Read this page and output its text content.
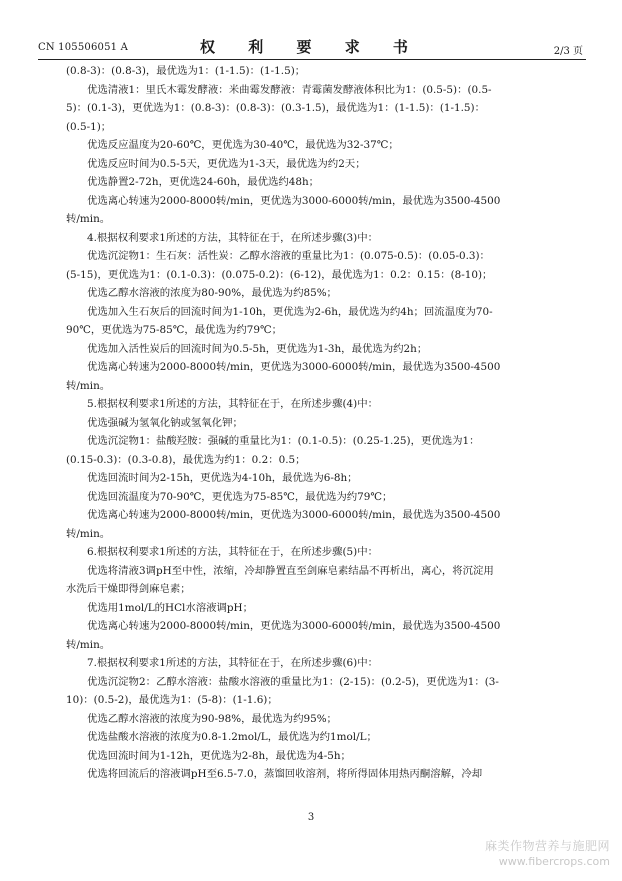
CN 105506051 A	权 利 要 求 书	2/3 页
(0.8-3)：(0.8-3)，最优选为1：(1-1.5)：(1-1.5)；
优选清液1：里氏木霉发酵液：米曲霉发酵液：青霉菌发酵液体积比为1：(0.5-5)：(0.5-
5)：(0.1-3)，更优选为1：(0.8-3)：(0.8-3)：(0.3-1.5)，最优选为1：(1-1.5)：(1-1.5)：
(0.5-1)；
优选反应温度为20-60℃，更优选为30-40℃，最优选为32-37℃；
优选反应时间为0.5-5天，更优选为1-3天，最优选为约2天；
优选静置2-72h，更优选24-60h，最优选约48h；
优选离心转速为2000-8000转/min，更优选为3000-6000转/min，最优选为3500-4500
转/min。
4.根据权利要求1所述的方法，其特征在于，在所述步骤(3)中：
优选沉淀物1：生石灰：活性炭：乙醇水溶液的重量比为1：(0.075-0.5)：(0.05-0.3)：
(5-15)，更优选为1：(0.1-0.3)：(0.075-0.2)：(6-12)，最优选为1：0.2：0.15：(8-10)；
优选乙醇水溶液的浓度为80-90%，最优选为约85%；
优选加入生石灰后的回流时间为1-10h，更优选为2-6h，最优选为约4h；回流温度为70-
90℃，更优选为75-85℃，最优选为约79℃；
优选加入活性炭后的回流时间为0.5-5h，更优选为1-3h，最优选为约2h；
优选离心转速为2000-8000转/min，更优选为3000-6000转/min，最优选为3500-4500
转/min。
5.根据权利要求1所述的方法，其特征在于，在所述步骤(4)中：
优选强碱为氢氧化钠或氢氧化钾；
优选沉淀物1：盐酸羟胺：强碱的重量比为1：(0.1-0.5)：(0.25-1.25)，更优选为1：
(0.15-0.3)：(0.3-0.8)，最优选为约1：0.2：0.5；
优选回流时间为2-15h，更优选为4-10h，最优选为6-8h；
优选回流温度为70-90℃，更优选为75-85℃，最优选为约79℃；
优选离心转速为2000-8000转/min，更优选为3000-6000转/min，最优选为3500-4500
转/min。
6.根据权利要求1所述的方法，其特征在于，在所述步骤(5)中：
优选将清液3调pH至中性，浓缩，冷却静置直至剑麻皂素结晶不再析出，离心，将沉淀用
水洗后干燥即得剑麻皂素；
优选用1mol/L的HCl水溶液调pH；
优选离心转速为2000-8000转/min，更优选为3000-6000转/min，最优选为3500-4500
转/min。
7.根据权利要求1所述的方法，其特征在于，在所述步骤(6)中：
优选沉淀物2：乙醇水溶液：盐酸水溶液的重量比为1：(2-15)：(0.2-5)，更优选为1：(3-
10)：(0.5-2)，最优选为1：(5-8)：(1-1.6)；
优选乙醇水溶液的浓度为90-98%，最优选为约95%；
优选盐酸水溶液的浓度为0.8-1.2mol/L，最优选为约1mol/L；
优选回流时间为1-12h，更优选为2-8h，最优选为4-5h；
优选将回流后的溶液调pH至6.5-7.0，蒸馏回收溶剂，将所得固体用热丙酮溶解，冷却
3
麻类作物营养与施肥网
www.fibercrops.com
